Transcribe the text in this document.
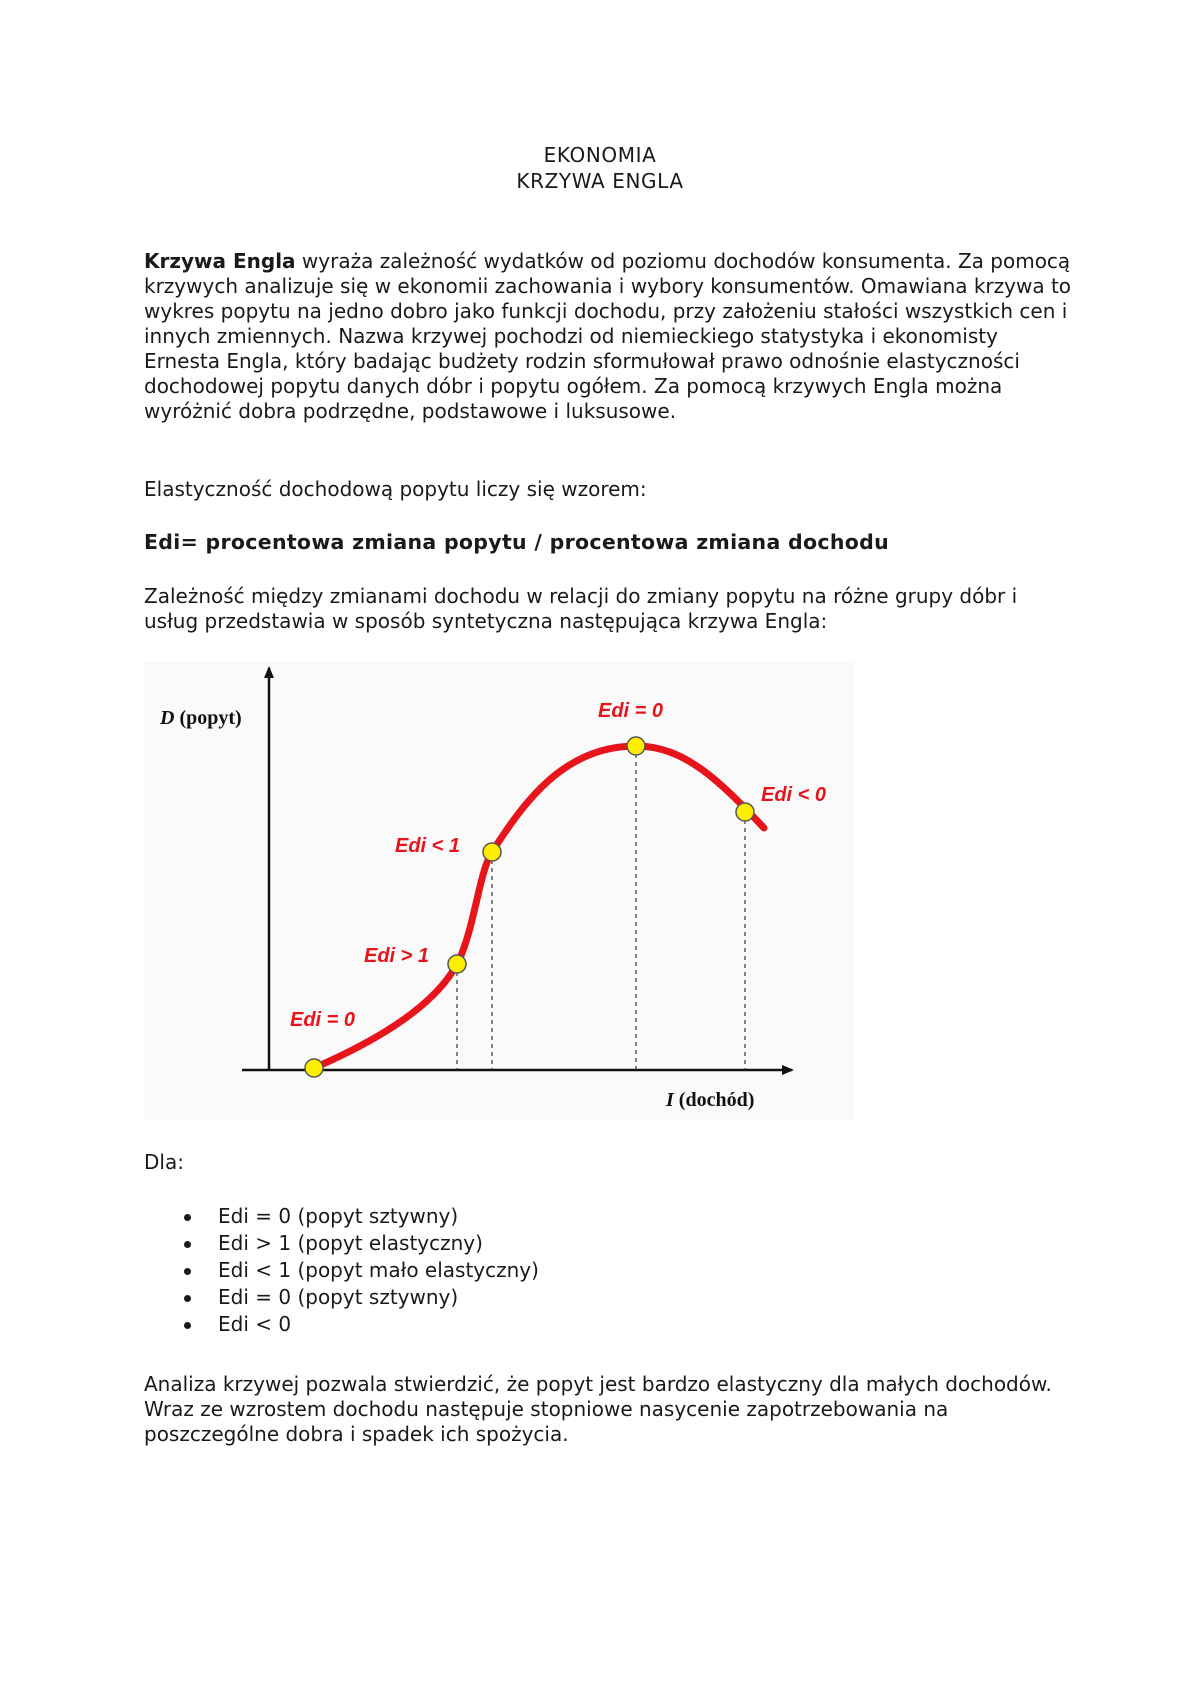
EKONOMIA
KRZYWA ENGLA
Krzywa Engla wyraża zależność wydatków od poziomu dochodów konsumenta. Za pomocą krzywych analizuje się w ekonomii zachowania i wybory konsumentów. Omawiana krzywa to wykres popytu na jedno dobro jako funkcji dochodu, przy założeniu stałości wszystkich cen i innych zmiennych. Nazwa krzywej pochodzi od niemieckiego statystyka i ekonomisty Ernesta Engla, który badając budżety rodzin sformułował prawo odnośnie elastyczności dochodowej popytu danych dóbr i popytu ogółem. Za pomocą krzywych Engla można wyróżnić dobra podrzędne, podstawowe i luksusowe.
Elastyczność dochodową popytu liczy się wzorem:
Edi= procentowa zmiana popytu / procentowa zmiana dochodu
Zależność między zmianami dochodu w relacji do zmiany popytu na różne grupy dóbr i usług przedstawia w sposób syntetyczna następująca krzywa Engla:
Edi = 0
Edi > 1
Edi < 1
Edi = 0
Edi < 0
D (popyt)
I (dochód)
Dla:
Edi = 0 (popyt sztywny)
Edi > 1 (popyt elastyczny)
Edi < 1 (popyt mało elastyczny)
Edi = 0 (popyt sztywny)
Edi < 0
Analiza krzywej pozwala stwierdzić, że popyt jest bardzo elastyczny dla małych dochodów. Wraz ze wzrostem dochodu następuje stopniowe nasycenie zapotrzebowania na poszczególne dobra i spadek ich spożycia.
